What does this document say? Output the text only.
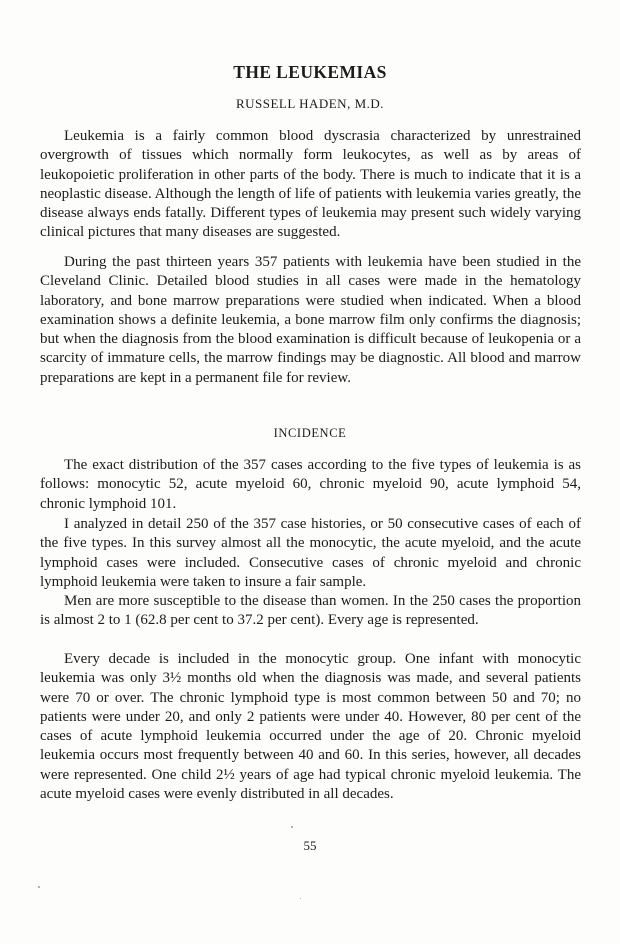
THE LEUKEMIAS

RUSSELL HADEN, M.D.

Leukemia is a fairly common blood dyscrasia characterized by unrestrained overgrowth of tissues which normally form leukocytes, as well as by areas of leukopoietic proliferation in other parts of the body. There is much to indicate that it is a neoplastic disease. Although the length of life of patients with leukemia varies greatly, the disease always ends fatally. Different types of leukemia may present such widely varying clinical pictures that many diseases are suggested.

During the past thirteen years 357 patients with leukemia have been studied in the Cleveland Clinic. Detailed blood studies in all cases were made in the hematology laboratory, and bone marrow preparations were studied when indicated. When a blood examination shows a definite leukemia, a bone marrow film only confirms the diagnosis; but when the diagnosis from the blood examination is difficult because of leukopenia or a scarcity of immature cells, the marrow findings may be diagnostic. All blood and marrow preparations are kept in a permanent file for review.

INCIDENCE

The exact distribution of the 357 cases according to the five types of leukemia is as follows: monocytic 52, acute myeloid 60, chronic myeloid 90, acute lymphoid 54, chronic lymphoid 101.

I analyzed in detail 250 of the 357 case histories, or 50 consecutive cases of each of the five types. In this survey almost all the monocytic, the acute myeloid, and the acute lymphoid cases were included. Consecutive cases of chronic myeloid and chronic lymphoid leukemia were taken to insure a fair sample.

Men are more susceptible to the disease than women. In the 250 cases the proportion is almost 2 to 1 (62.8 per cent to 37.2 per cent). Every age is represented.

Every decade is included in the monocytic group. One infant with monocytic leukemia was only 3½ months old when the diagnosis was made, and several patients were 70 or over. The chronic lymphoid type is most common between 50 and 70; no patients were under 20, and only 2 patients were under 40. However, 80 per cent of the cases of acute lymphoid leukemia occurred under the age of 20. Chronic myeloid leukemia occurs most frequently between 40 and 60. In this series, however, all decades were represented. One child 2½ years of age had typical chronic myeloid leukemia. The acute myeloid cases were evenly distributed in all decades.

55
